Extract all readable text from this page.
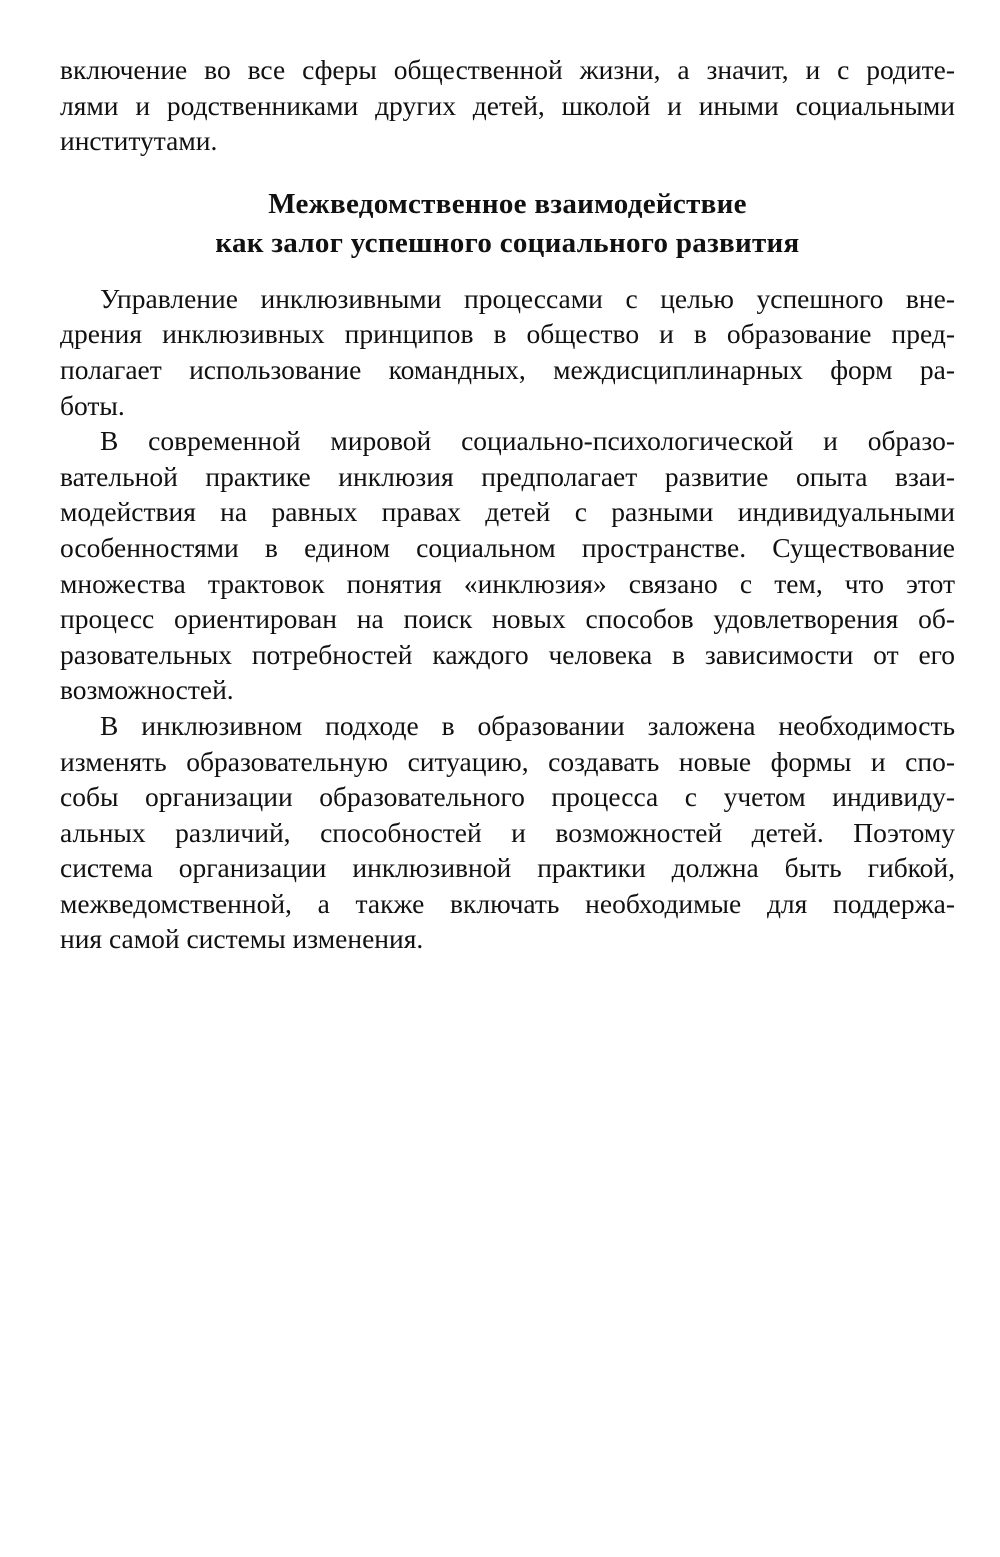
включение во все сферы общественной жизни, а значит, и с родите-
лями и родственниками других детей, школой и иными социальными
институтами.
Межведомственное взаимодействие
как залог успешного социального развития
Управление инклюзивными процессами с целью успешного вне-
дрения инклюзивных принципов в общество и в образование пред-
полагает использование командных, междисциплинарных форм ра-
боты.
В современной мировой социально-психологической и образо-
вательной практике инклюзия предполагает развитие опыта взаи-
модействия на равных правах детей с разными индивидуальными
особенностями в едином социальном пространстве. Существование
множества трактовок понятия «инклюзия» связано с тем, что этот
процесс ориентирован на поиск новых способов удовлетворения об-
разовательных потребностей каждого человека в зависимости от его
возможностей.
В инклюзивном подходе в образовании заложена необходимость
изменять образовательную ситуацию, создавать новые формы и спо-
собы организации образовательного процесса с учетом индивиду-
альных различий, способностей и возможностей детей. Поэтому
система организации инклюзивной практики должна быть гибкой,
межведомственной, а также включать необходимые для поддержа-
ния самой системы изменения.
